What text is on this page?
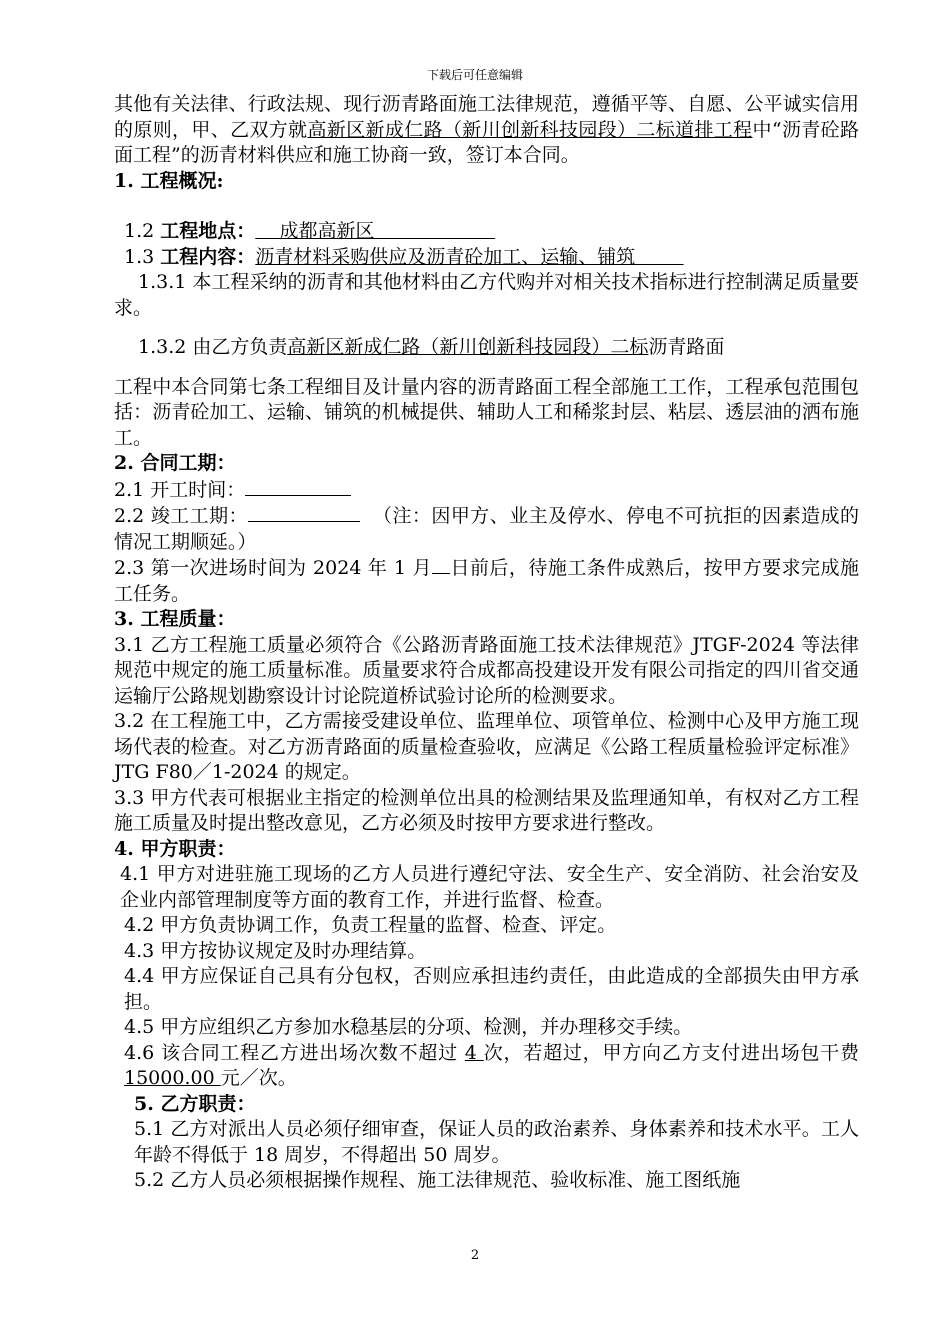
下载后可任意编辑

其他有关法律、行政法规、现行沥青路面施工法律规范，遵循平等、自愿、公平诚实信用的原则，甲、乙双方就高新区新成仁路（新川创新科技园段）二标道排工程中“沥青砼路面工程”的沥青材料供应和施工协商一致，签订本合同。

1. 工程概况:

1.2 工程地点：    成都高新区

1.3 工程内容：沥青材料采购供应及沥青砼加工、运输、铺筑

1.3.1 本工程采纳的沥青和其他材料由乙方代购并对相关技术指标进行控制满足质量要求。

1.3.2 由乙方负责高新区新成仁路（新川创新科技园段）二标沥青路面

工程中本合同第七条工程细目及计量内容的沥青路面工程全部施工工作，工程承包范围包括：沥青砼加工、运输、铺筑的机械提供、辅助人工和稀浆封层、粘层、透层油的洒布施工。

2. 合同工期：

2.1 开工时间：

2.2 竣工工期：	（注：因甲方、业主及停水、停电不可抗拒的因素造成的情况工期顺延。）

2.3 第一次进场时间为 2024 年 1 月 日前后，待施工条件成熟后，按甲方要求完成施工任务。

3. 工程质量：

3.1 乙方工程施工质量必须符合《公路沥青路面施工技术法律规范》JTGF-2024 等法律规范中规定的施工质量标准。质量要求符合成都高投建设开发有限公司指定的四川省交通运输厅公路规划勘察设计讨论院道桥试验讨论所的检测要求。

3.2 在工程施工中，乙方需接受建设单位、监理单位、项管单位、检测中心及甲方施工现场代表的检查。对乙方沥青路面的质量检查验收，应满足《公路工程质量检验评定标准》JTG F80／1-2024 的规定。

3.3 甲方代表可根据业主指定的检测单位出具的检测结果及监理通知单，有权对乙方工程施工质量及时提出整改意见，乙方必须及时按甲方要求进行整改。

4. 甲方职责：

4.1 甲方对进驻施工现场的乙方人员进行遵纪守法、安全生产、安全消防、社会治安及企业内部管理制度等方面的教育工作，并进行监督、检查。

4.2 甲方负责协调工作，负责工程量的监督、检查、评定。

4.3 甲方按协议规定及时办理结算。

4.4 甲方应保证自己具有分包权，否则应承担违约责任，由此造成的全部损失由甲方承担。

4.5 甲方应组织乙方参加水稳基层的分项、检测，并办理移交手续。

4.6 该合同工程乙方进出场次数不超过 4 次，若超过，甲方向乙方支付进出场包干费 15000.00 元／次。

5. 乙方职责：

5.1 乙方对派出人员必须仔细审查，保证人员的政治素养、身体素养和技术水平。工人年龄不得低于 18 周岁，不得超出 50 周岁。

5.2 乙方人员必须根据操作规程、施工法律规范、验收标准、施工图纸施

2
